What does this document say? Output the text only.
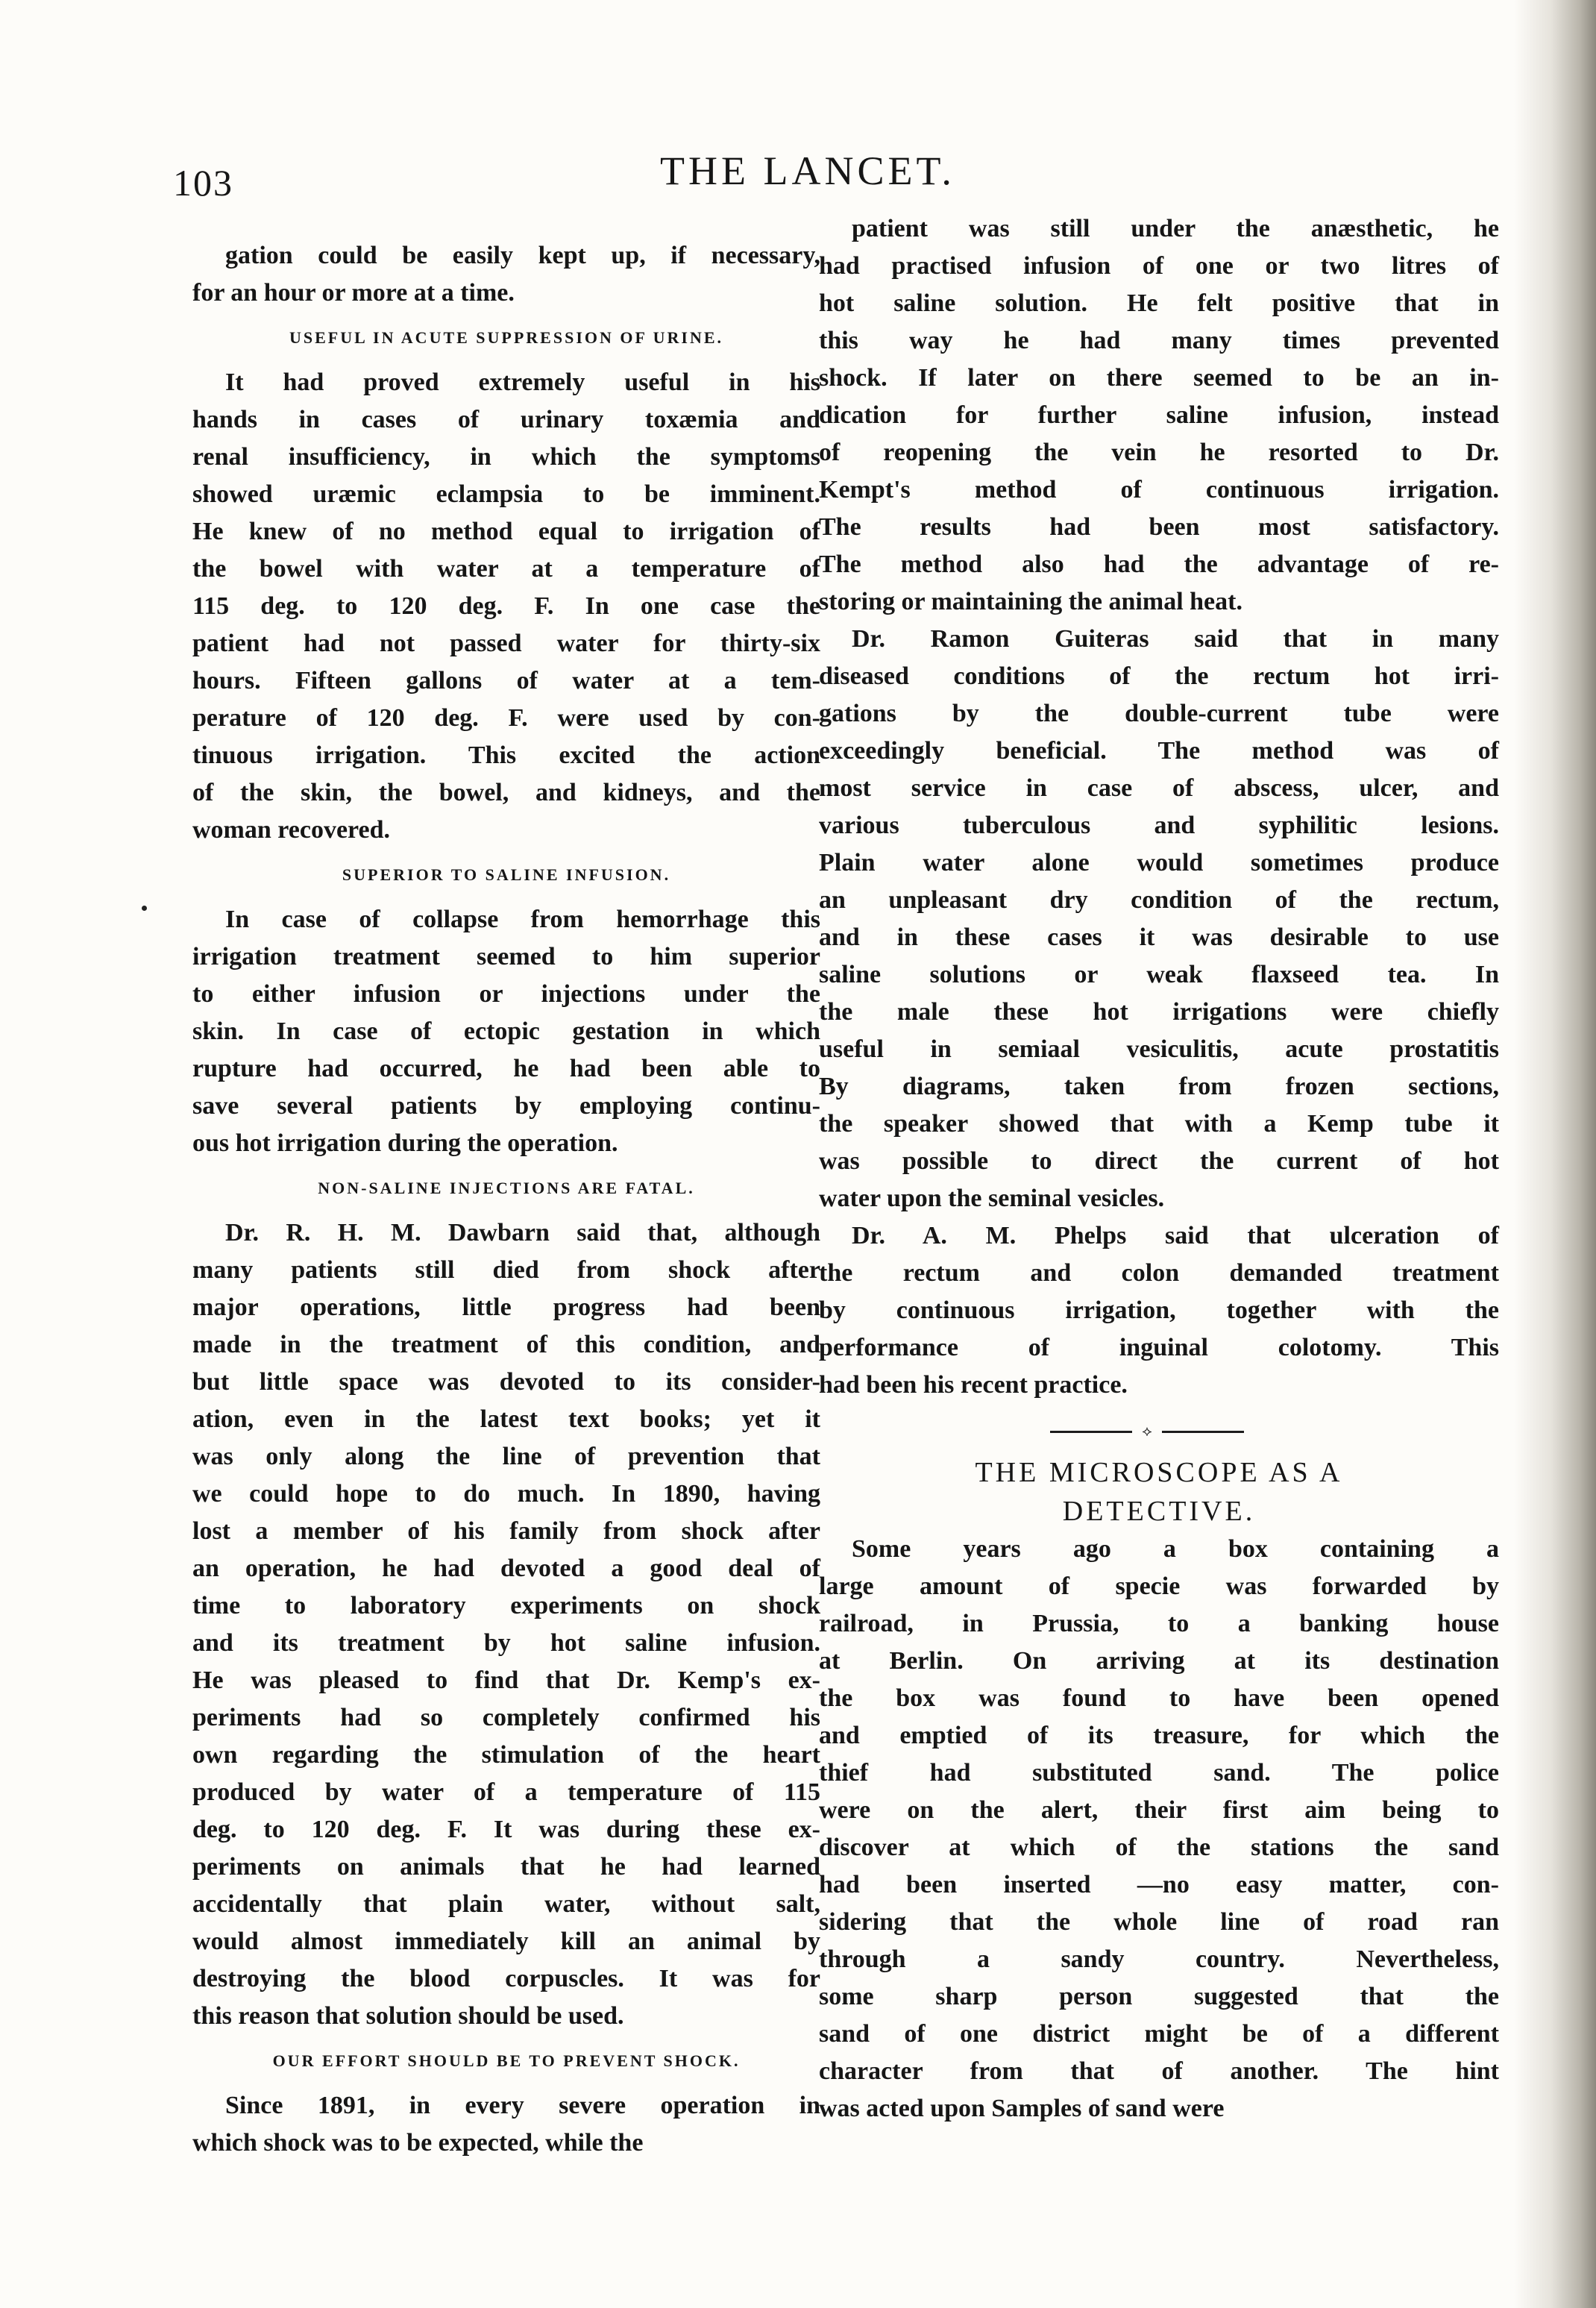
103	THE LANCET.
gation could be easily kept up, if necessary,
for an hour or more at a time.
USEFUL IN ACUTE SUPPRESSION OF URINE.
It had proved extremely useful in his
hands in cases of urinary toxæmia and
renal insufficiency, in which the symptoms
showed uræmic eclampsia to be imminent.
He knew of no method equal to irrigation of
the bowel with water at a temperature of
115 deg. to 120 deg. F. In one case the
patient had not passed water for thirty-six
hours. Fifteen gallons of water at a tem-
perature of 120 deg. F. were used by con-
tinuous irrigation. This excited the action
of the skin, the bowel, and kidneys, and the
woman recovered.
SUPERIOR TO SALINE INFUSION.
In case of collapse from hemorrhage this
irrigation treatment seemed to him superior
to either infusion or injections under the
skin. In case of ectopic gestation in which
rupture had occurred, he had been able to
save several patients by employing continu-
ous hot irrigation during the operation.
NON-SALINE INJECTIONS ARE FATAL.
Dr. R. H. M. Dawbarn said that, although
many patients still died from shock after
major operations, little progress had been
made in the treatment of this condition, and
but little space was devoted to its consider-
ation, even in the latest text books; yet it
was only along the line of prevention that
we could hope to do much. In 1890, having
lost a member of his family from shock after
an operation, he had devoted a good deal of
time to laboratory experiments on shock
and its treatment by hot saline infusion.
He was pleased to find that Dr. Kemp's ex-
periments had so completely confirmed his
own regarding the stimulation of the heart
produced by water of a temperature of 115
deg. to 120 deg. F. It was during these ex-
periments on animals that he had learned
accidentally that plain water, without salt,
would almost immediately kill an animal by
destroying the blood corpuscles. It was for
this reason that solution should be used.
OUR EFFORT SHOULD BE TO PREVENT SHOCK.
Since 1891, in every severe operation in
which shock was to be expected, while the
patient was still under the anæsthetic, he
had practised infusion of one or two litres of
hot saline solution. He felt positive that in
this way he had many times prevented
shock. If later on there seemed to be an in-
dication for further saline infusion, instead
of reopening the vein he resorted to Dr.
Kempt's method of continuous irrigation.
The results had been most satisfactory.
The method also had the advantage of re-
storing or maintaining the animal heat.
Dr. Ramon Guiteras said that in many
diseased conditions of the rectum hot irri-
gations by the double-current tube were
exceedingly beneficial. The method was of
most service in case of abscess, ulcer, and
various tuberculous and syphilitic lesions.
Plain water alone would sometimes produce
an unpleasant dry condition of the rectum,
and in these cases it was desirable to use
saline solutions or weak flaxseed tea. In
the male these hot irrigations were chiefly
useful in semiaal vesiculitis, acute prostatitis
By diagrams, taken from frozen sections,
the speaker showed that with a Kemp tube it
was possible to direct the current of hot
water upon the seminal vesicles.
Dr. A. M. Phelps said that ulceration of
the rectum and colon demanded treatment
by continuous irrigation, together with the
performance of inguinal colotomy. This
had been his recent practice.
⟡
THE MICROSCOPE AS A
DETECTIVE.
Some years ago a box containing a
large amount of specie was forwarded by
railroad, in Prussia, to a banking house
at Berlin. On arriving at its destination
the box was found to have been opened
and emptied of its treasure, for which the
thief had substituted sand. The police
were on the alert, their first aim being to
discover at which of the stations the sand
had been inserted —no easy matter, con-
sidering that the whole line of road ran
through a sandy country. Nevertheless,
some sharp person suggested that the
sand of one district might be of a different
character from that of another. The hint
was acted upon Samples of sand were
